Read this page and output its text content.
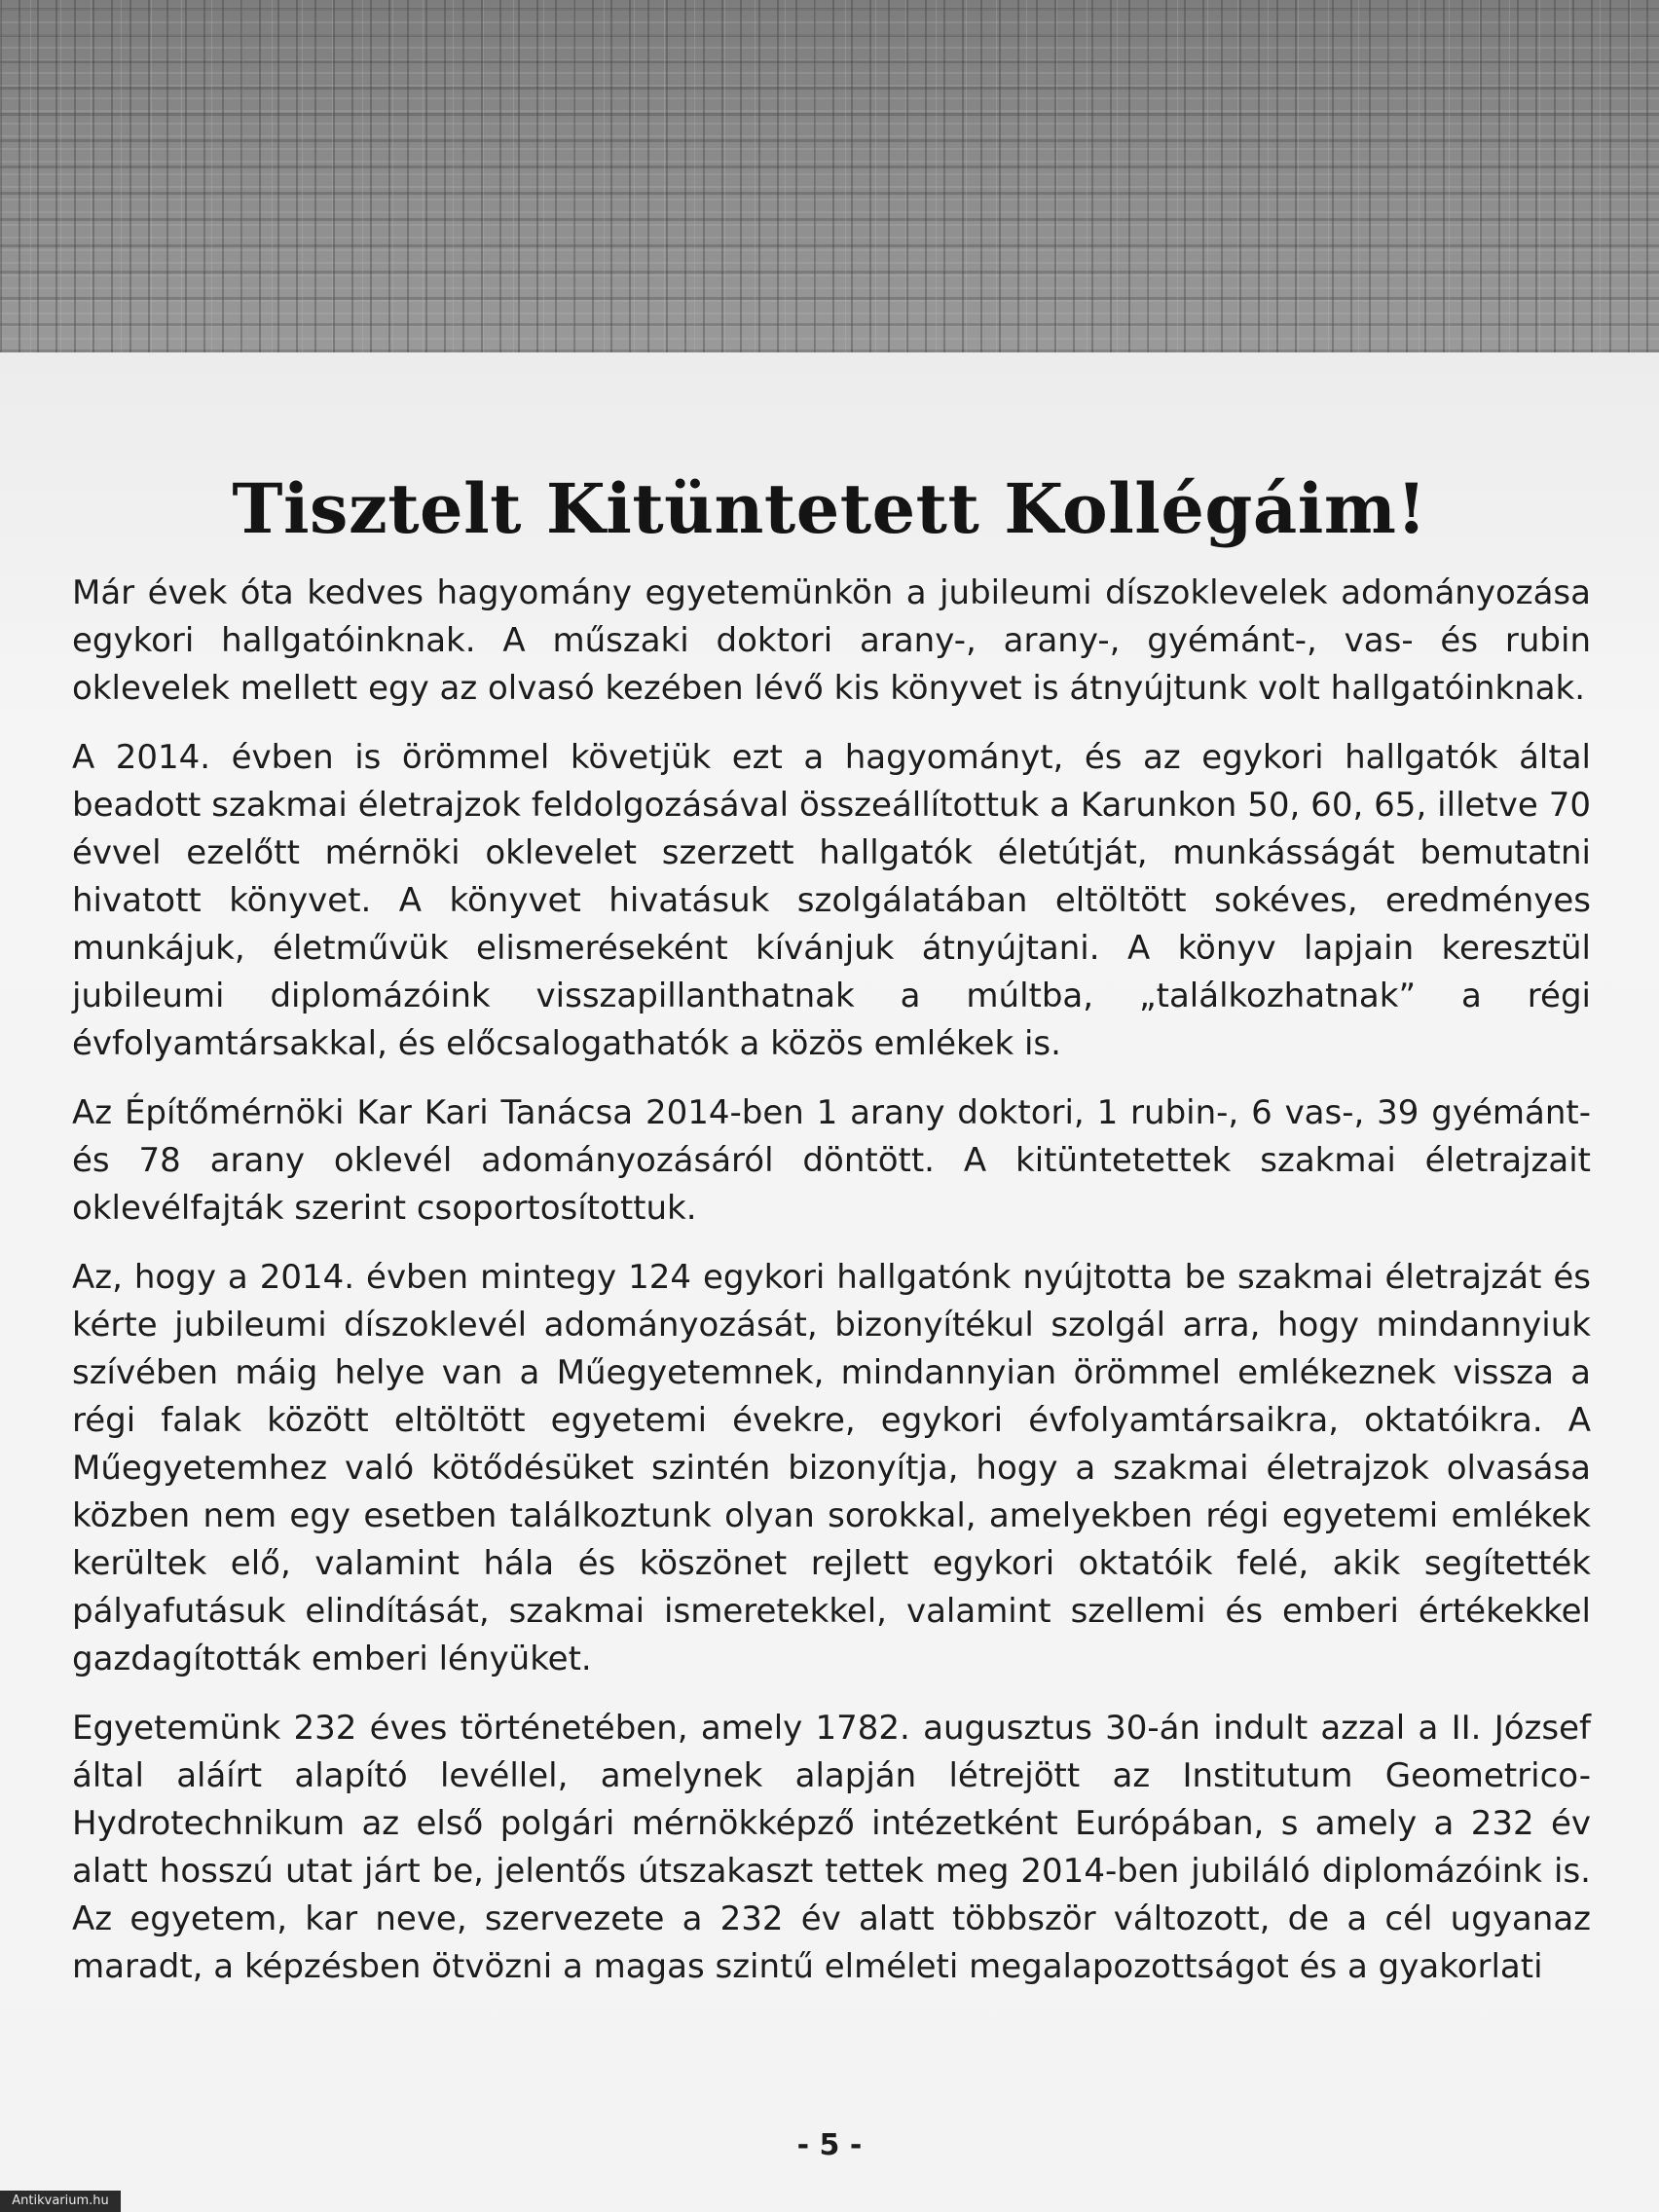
Tisztelt Kitüntetett Kollégáim!

Már évek óta kedves hagyomány egyetemünkön a jubileumi díszoklevelek adományozása egykori hallgatóinknak. A műszaki doktori arany-, arany-, gyémánt-, vas- és rubin oklevelek mellett egy az olvasó kezében lévő kis könyvet is átnyújtunk volt hallgatóinknak.

A 2014. évben is örömmel követjük ezt a hagyományt, és az egykori hallgatók által beadott szakmai életrajzok feldolgozásával összeállítottuk a Karunkon 50, 60, 65, illetve 70 évvel ezelőtt mérnöki oklevelet szerzett hallgatók életútját, munkásságát bemutatni hivatott könyvet. A könyvet hivatásuk szolgálatában eltöltött sokéves, eredményes munkájuk, életművük elismeréseként kívánjuk átnyújtani. A könyv lapjain keresztül jubileumi diplomázóink visszapillanthatnak a múltba, „találkozhatnak” a régi évfolyamtársakkal, és előcsalogathatók a közös emlékek is.

Az Építőmérnöki Kar Kari Tanácsa 2014-ben 1 arany doktori, 1 rubin-, 6 vas-, 39 gyémánt- és 78 arany oklevél adományozásáról döntött. A kitüntetettek szakmai életrajzait oklevélfajták szerint csoportosítottuk.

Az, hogy a 2014. évben mintegy 124 egykori hallgatónk nyújtotta be szakmai életrajzát és kérte jubileumi díszoklevél adományozását, bizonyítékul szolgál arra, hogy mindannyiuk szívében máig helye van a Műegyetemnek, mindannyian örömmel emlékeznek vissza a régi falak között eltöltött egyetemi évekre, egykori évfolyamtársaikra, oktatóikra. A Műegyetemhez való kötődésüket szintén bizonyítja, hogy a szakmai életrajzok olvasása közben nem egy esetben találkoztunk olyan sorokkal, amelyekben régi egyetemi emlékek kerültek elő, valamint hála és köszönet rejlett egykori oktatóik felé, akik segítették pályafutásuk elindítását, szakmai ismeretekkel, valamint szellemi és emberi értékekkel gazdagították emberi lényüket.

Egyetemünk 232 éves történetében, amely 1782. augusztus 30-án indult azzal a II. József által aláírt alapító levéllel, amelynek alapján létrejött az Institutum Geometrico-Hydrotechnikum az első polgári mérnökképző intézetként Európában, s amely a 232 év alatt hosszú utat járt be, jelentős útszakaszt tettek meg 2014-ben jubiláló diplomázóink is. Az egyetem, kar neve, szervezete a 232 év alatt többször változott, de a cél ugyanaz maradt, a képzésben ötvözni a magas szintű elméleti megalapozottságot és a gyakorlati

- 5 -
Antikvarium.hu
